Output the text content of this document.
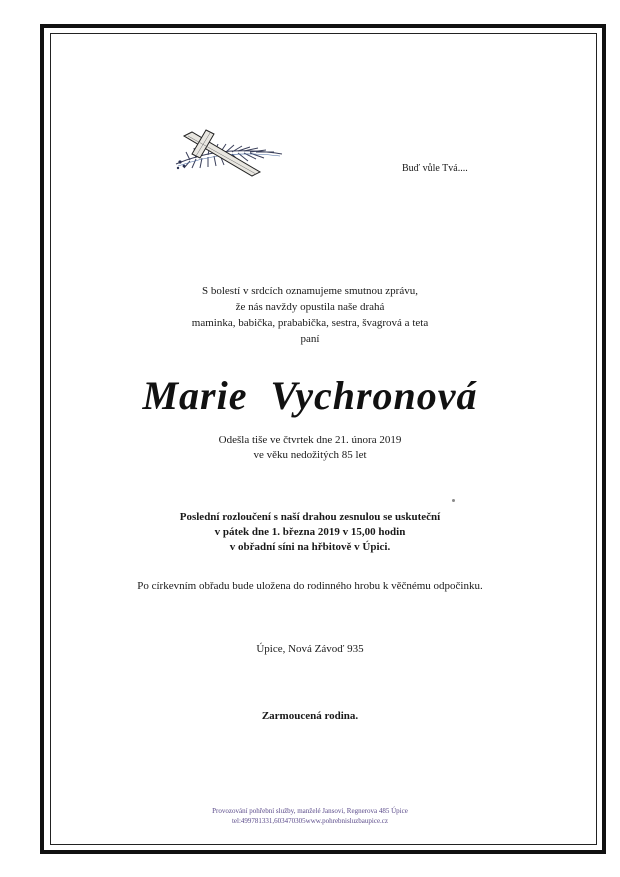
Buď vůle Tvá....
S bolestí v srdcích oznamujeme smutnou zprávu,
že nás navždy opustila naše drahá
maminka, babička, prababička, sestra, švagrová a teta
paní
Marie Vychronová
Odešla tiše ve čtvrtek dne 21. února 2019
ve věku nedožitých 85 let
Poslední rozloučení s naší drahou zesnulou se uskuteční
v pátek dne 1. března 2019 v 15,00 hodin
v obřadní síni na hřbitově v Úpici.
Po církevním obřadu bude uložena do rodinného hrobu k věčnému odpočinku.
Úpice, Nová Závoď 935
Zarmoucená rodina.
Provozování pohřební služby, manželé Jansovi, Regnerova 485 Úpice
tel:499781331,603470305www.pohrebnisluzbaupice.cz
